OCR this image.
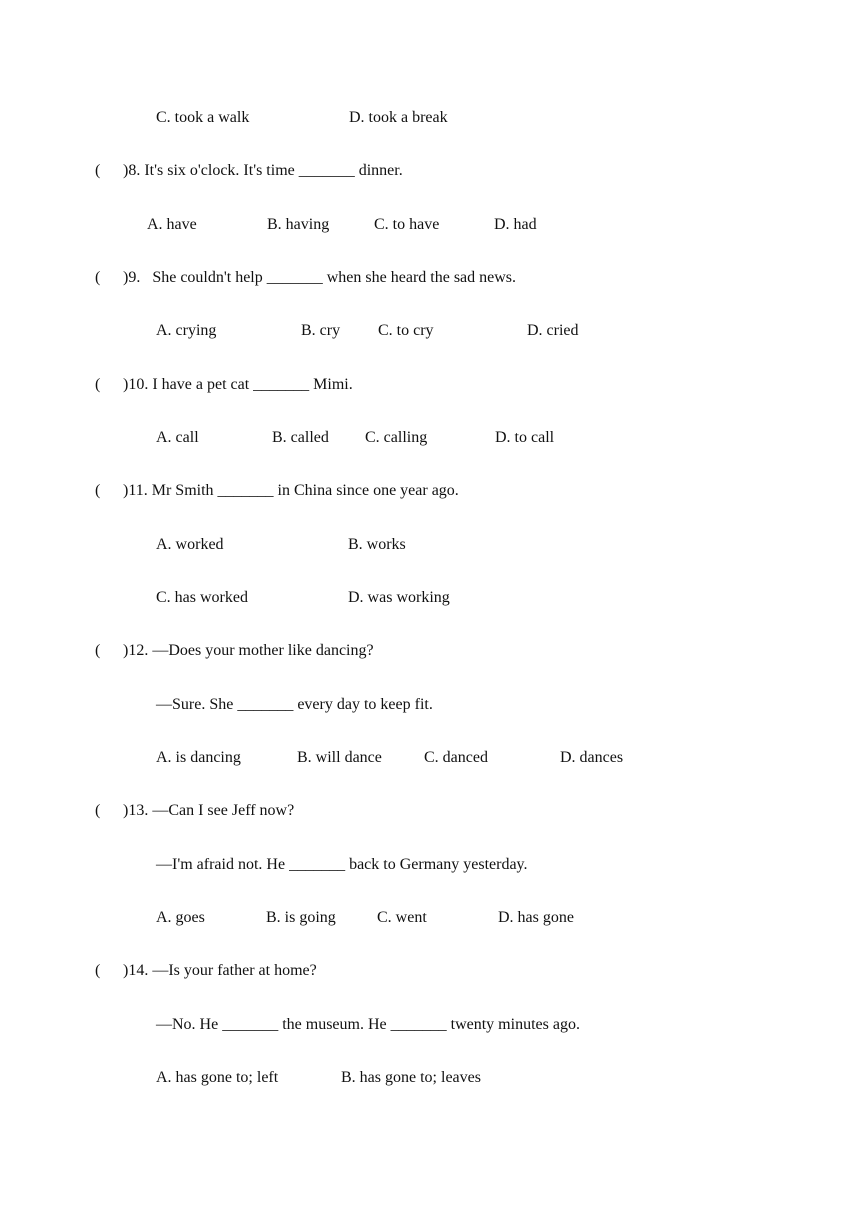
C. took a walk	D. took a break
( )8. It's six o'clock. It's time _______ dinner.
A. have	B. having	C. to have	D. had
( )9.   She couldn't help _______ when she heard the sad news.
A. crying	B. cry C. to cry	D. cried
( )10. I have a pet cat _______ Mimi.
A. call	B. called C. calling	D. to call
( )11. Mr Smith _______ in China since one year ago.
A. worked	B. works
C. has worked	D. was working
( )12. —Does your mother like dancing?
—Sure. She _______ every day to keep fit.
A. is dancing	B. will dance	C. danced	D. dances
( )13. —Can I see Jeff now?
—I'm afraid not. He _______ back to Germany yesterday.
A. goes	B. is going	C. went	D. has gone
( )14. —Is your father at home?
—No. He _______ the museum. He _______ twenty minutes ago.
A. has gone to; left	B. has gone to; leaves
